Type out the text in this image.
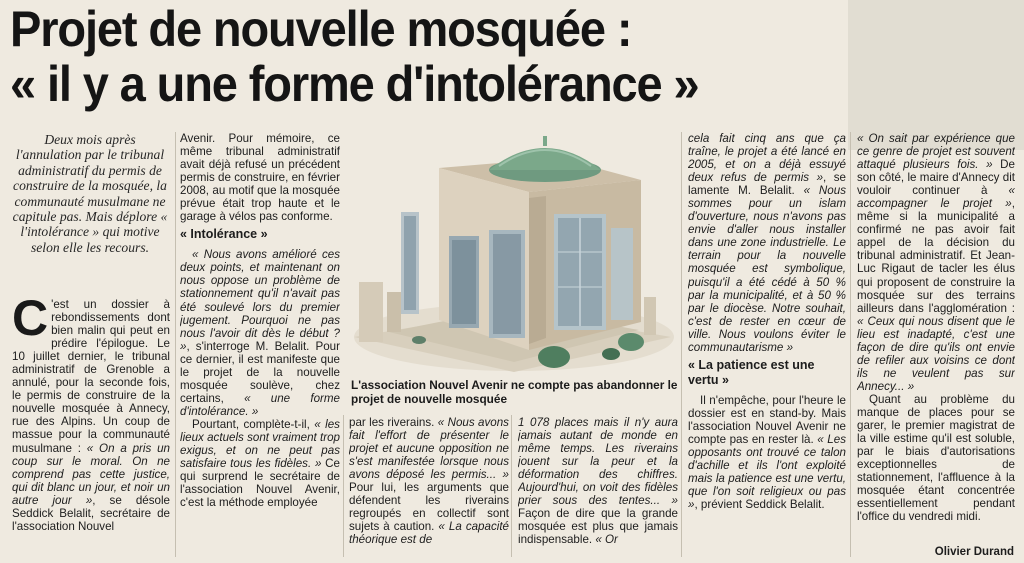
Projet de nouvelle mosquée :
« il y a une forme d'intolérance »
Deux mois après l'annulation par le tribunal administratif du permis de construire de la mosquée, la communauté musulmane ne capitule pas. Mais déplore « l'intolérance » qui motive selon elle les recours.

C 'est un dossier à rebondissements dont bien malin qui peut en prédire l'épilogue. Le 10 juillet dernier, le tribunal administratif de Grenoble a annulé, pour la seconde fois, le permis de construire de la nouvelle mosquée à Annecy, rue des Alpins. Un coup de massue pour la communauté musulmane : « On a pris un coup sur le moral. On ne comprend pas cette justice, qui dit blanc un jour, et noir un autre jour », se désole Seddick Belalit, secrétaire de l'association Nouvel

Avenir. Pour mémoire, ce même tribunal administratif avait déjà refusé un précédent permis de construire, en février 2008, au motif que la mosquée prévue était trop haute et le garage à vélos pas conforme.

« Intolérance »

« Nous avons amélioré ces deux points, et maintenant on nous oppose un problème de stationnement qu'il n'avait pas été soulevé lors du premier jugement. Pourquoi ne pas nous l'avoir dit dès le début ? », s'interroge M. Belalit. Pour ce dernier, il est manifeste que le projet de la nouvelle mosquée soulève, chez certains, « une forme d'intolérance. »

Pourtant, complète-t-il, « les lieux actuels sont vraiment trop exigus, et on ne peut pas satisfaire tous les fidèles. » Ce qui surprend le secrétaire de l'association Nouvel Avenir, c'est la méthode employée

L'association Nouvel Avenir ne compte pas abandonner le projet de nouvelle mosquée

par les riverains. « Nous avons fait l'effort de présenter le projet et aucune opposition ne s'est manifestée lorsque nous avons déposé les permis... » Pour lui, les arguments que défendent les riverains regroupés en collectif sont sujets à caution. « La capacité théorique est de

1 078 places mais il n'y aura jamais autant de monde en même temps. Les riverains jouent sur la peur et la déformation des chiffres. Aujourd'hui, on voit des fidèles prier sous des tentes... » Façon de dire que la grande mosquée est plus que jamais indispensable. « Or

cela fait cinq ans que ça traîne, le projet a été lancé en 2005, et on a déjà essuyé deux refus de permis », se lamente M. Belalit. « Nous sommes pour un islam d'ouverture, nous n'avons pas envie d'aller nous installer dans une zone industrielle. Le terrain pour la nouvelle mosquée est symbolique, puisqu'il a été cédé à 50 % par la municipalité, et à 50 % par le diocèse. Notre souhait, c'est de rester en cœur de ville. Nous voulons éviter le communautarisme »

« La patience est une vertu »

Il n'empêche, pour l'heure le dossier est en stand-by. Mais l'association Nouvel Avenir ne compte pas en rester là. « Les opposants ont trouvé ce talon d'achille et ils l'ont exploité mais la patience est une vertu, que l'on soit religieux ou pas », prévient Seddick Belalit.

« On sait par expérience que ce genre de projet est souvent attaqué plusieurs fois. » De son côté, le maire d'Annecy dit vouloir continuer à « accompagner le projet », même si la municipalité a confirmé ne pas avoir fait appel de la décision du tribunal administratif. Et Jean-Luc Rigaut de tacler les élus qui proposent de construire la mosquée sur des terrains ailleurs dans l'agglomération : « Ceux qui nous disent que le lieu est inadapté, c'est une façon de dire qu'ils ont envie de refiler aux voisins ce dont ils ne veulent pas sur Annecy... »

Quant au problème du manque de places pour se garer, le premier magistrat de la ville estime qu'il est soluble, par le biais d'autorisations exceptionnelles de stationnement, l'affluence à la mosquée étant concentrée essentiellement pendant l'office du vendredi midi.

Olivier Durand
